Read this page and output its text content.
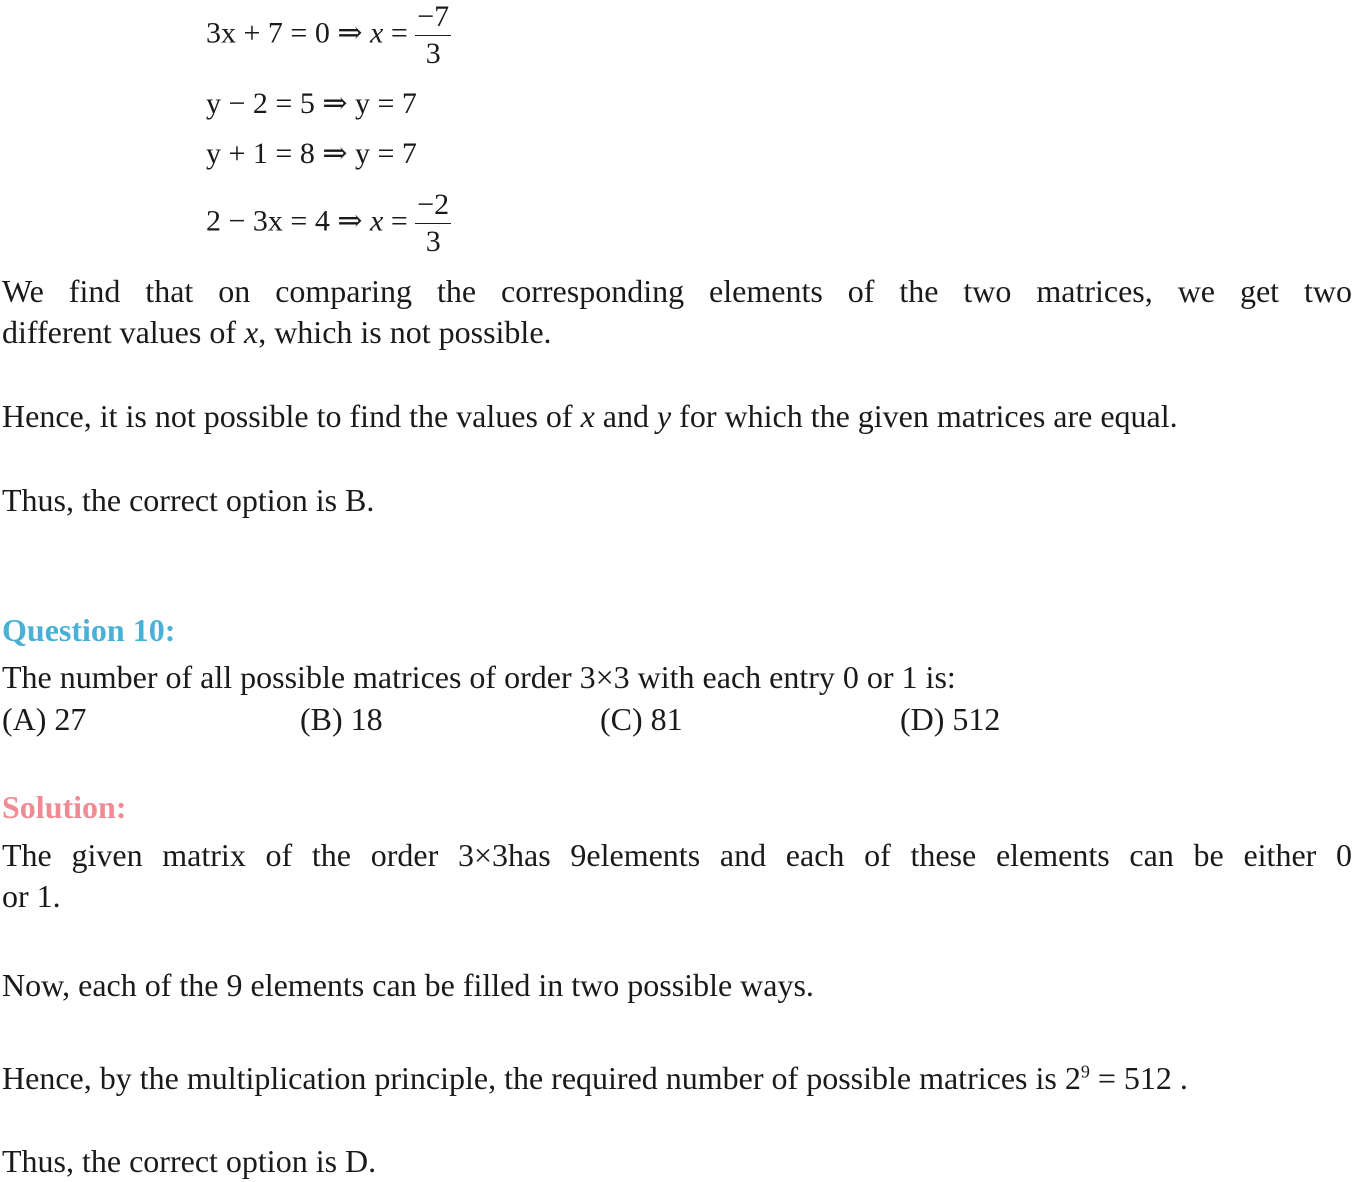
3x + 7 = 0 ⇒ $x = \frac{-7}{3}$
y − 2 = 5 ⇒ y = 7
y + 1 = 8 ⇒ y = 7
2 − 3x = 4 ⇒ $x = \frac{-2}{3}$
We find that on comparing the corresponding elements of the two matrices, we get two
different values of x, which is not possible.
Hence, it is not possible to find the values of x and y for which the given matrices are equal.
Thus, the correct option is B.
Question 10:
The number of all possible matrices of order 3×3 with each entry 0 or 1 is:
(A) 27	(B) 18	(C) 81	(D) 512
Solution:
The given matrix of the order 3×3has 9elements and each of these elements can be either 0
or 1.
Now, each of the 9 elements can be filled in two possible ways.
Hence, by the multiplication principle, the required number of possible matrices is $2^9 = 512$ .
Thus, the correct option is D.
